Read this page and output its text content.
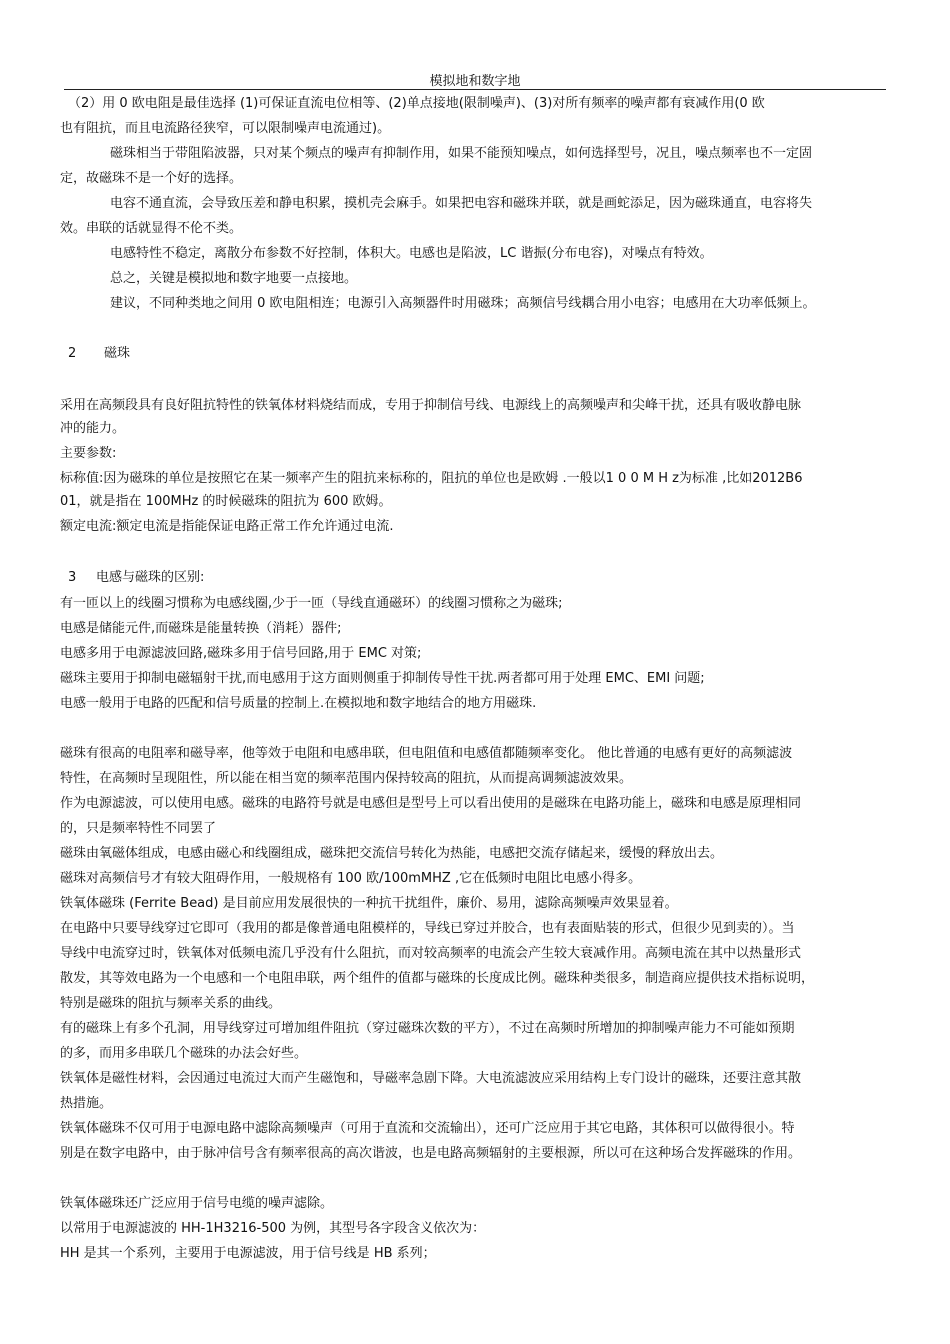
模拟地和数字地
（2）用 0 欧电阻是最佳选择 (1)可保证直流电位相等、(2)单点接地(限制噪声)、(3)对所有频率的噪声都有衰减作用(0 欧
也有阻抗，而且电流路径狭窄，可以限制噪声电流通过)。
磁珠相当于带阻陷波器，只对某个频点的噪声有抑制作用，如果不能预知噪点，如何选择型号，况且，噪点频率也不一定固
定，故磁珠不是一个好的选择。
电容不通直流，会导致压差和静电积累，摸机壳会麻手。如果把电容和磁珠并联，就是画蛇添足，因为磁珠通直，电容将失
效。串联的话就显得不伦不类。
电感特性不稳定，离散分布参数不好控制，体积大。电感也是陷波，LC 谐振(分布电容)，对噪点有特效。
总之，关键是模拟地和数字地要一点接地。
建议，不同种类地之间用 0 欧电阻相连；电源引入高频器件时用磁珠；高频信号线耦合用小电容；电感用在大功率低频上。
2 磁珠
采用在高频段具有良好阻抗特性的铁氧体材料烧结而成，专用于抑制信号线、电源线上的高频噪声和尖峰干扰，还具有吸收静电脉
冲的能力。
主要参数:
标称值:因为磁珠的单位是按照它在某一频率产生的阻抗来标称的，阻抗的单位也是欧姆 .一般以1 0 0 M H z为标准 ,比如2012B6
01，就是指在 100MHz 的时候磁珠的阻抗为 600 欧姆。
额定电流:额定电流是指能保证电路正常工作允许通过电流.
3 电感与磁珠的区别:
有一匝以上的线圈习惯称为电感线圈,少于一匝（导线直通磁环）的线圈习惯称之为磁珠;
电感是储能元件,而磁珠是能量转换（消耗）器件;
电感多用于电源滤波回路,磁珠多用于信号回路,用于 EMC 对策;
磁珠主要用于抑制电磁辐射干扰,而电感用于这方面则侧重于抑制传导性干扰.两者都可用于处理 EMC、EMI 问题;
电感一般用于电路的匹配和信号质量的控制上.在模拟地和数字地结合的地方用磁珠.
磁珠有很高的电阻率和磁导率，他等效于电阻和电感串联，但电阻值和电感值都随频率变化。 他比普通的电感有更好的高频滤波
特性，在高频时呈现阻性，所以能在相当宽的频率范围内保持较高的阻抗，从而提高调频滤波效果。
作为电源滤波，可以使用电感。磁珠的电路符号就是电感但是型号上可以看出使用的是磁珠在电路功能上，磁珠和电感是原理相同
的，只是频率特性不同罢了
磁珠由氧磁体组成，电感由磁心和线圈组成，磁珠把交流信号转化为热能，电感把交流存储起来，缓慢的释放出去。
磁珠对高频信号才有较大阻碍作用，一般规格有 100 欧/100mMHZ ,它在低频时电阻比电感小得多。
铁氧体磁珠 (Ferrite Bead) 是目前应用发展很快的一种抗干扰组件，廉价、易用，滤除高频噪声效果显着。
在电路中只要导线穿过它即可（我用的都是像普通电阻模样的，导线已穿过并胶合，也有表面贴装的形式，但很少见到卖的）。当
导线中电流穿过时，铁氧体对低频电流几乎没有什么阻抗，而对较高频率的电流会产生较大衰减作用。高频电流在其中以热量形式
散发，其等效电路为一个电感和一个电阻串联，两个组件的值都与磁珠的长度成比例。磁珠种类很多，制造商应提供技术指标说明，
特别是磁珠的阻抗与频率关系的曲线。
有的磁珠上有多个孔洞，用导线穿过可增加组件阻抗（穿过磁珠次数的平方），不过在高频时所增加的抑制噪声能力不可能如预期
的多，而用多串联几个磁珠的办法会好些。
铁氧体是磁性材料，会因通过电流过大而产生磁饱和，导磁率急剧下降。大电流滤波应采用结构上专门设计的磁珠，还要注意其散
热措施。
铁氧体磁珠不仅可用于电源电路中滤除高频噪声（可用于直流和交流输出），还可广泛应用于其它电路，其体积可以做得很小。特
别是在数字电路中，由于脉冲信号含有频率很高的高次谐波，也是电路高频辐射的主要根源，所以可在这种场合发挥磁珠的作用。
铁氧体磁珠还广泛应用于信号电缆的噪声滤除。
以常用于电源滤波的 HH-1H3216-500 为例，其型号各字段含义依次为：
HH 是其一个系列，主要用于电源滤波，用于信号线是 HB 系列；
